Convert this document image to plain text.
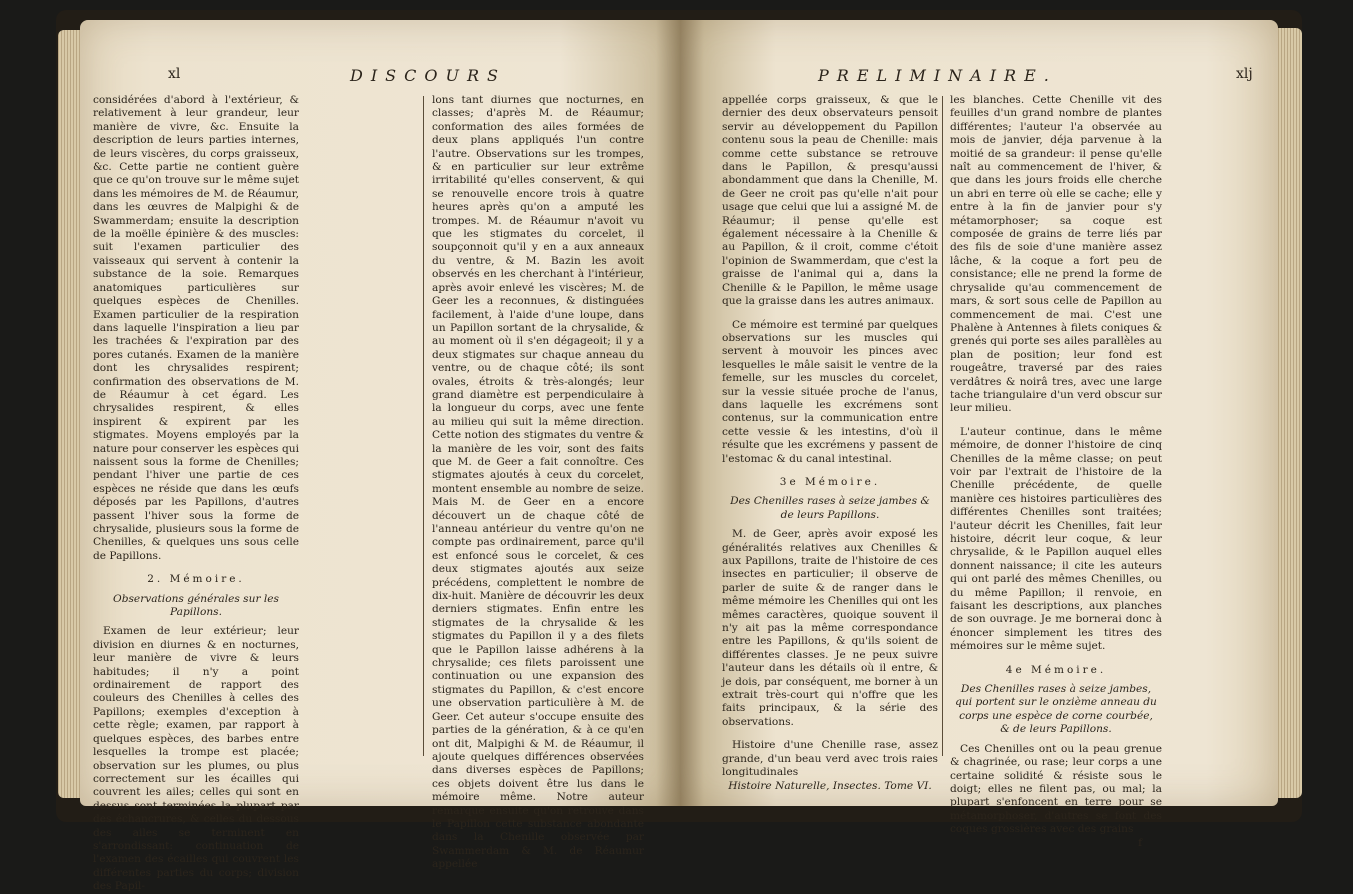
xl	DISCOURS

considérées d'abord à l'extérieur, & relativement à leur grandeur, leur manière de vivre, &c. Ensuite la description de leurs parties internes, de leurs viscères, du corps graisseux, &c. Cette partie ne contient guère que ce qu'on trouve sur le même sujet dans les mémoires de M. de Réaumur, dans les œuvres de Malpighi & de Swammerdam; ensuite la description de la moëlle épinière & des muscles: suit l'examen particulier des vaisseaux qui servent à contenir la substance de la soie. Remarques anatomiques particulières sur quelques espèces de Chenilles. Examen particulier de la respiration dans laquelle l'inspiration a lieu par les trachées & l'expiration par des pores cutanés. Examen de la manière dont les chrysalides respirent; confirmation des observations de M. de Réaumur à cet égard. Les chrysalides respirent, & elles inspirent & expirent par les stigmates. Moyens employés par la nature pour conserver les espèces qui naissent sous la forme de Chenilles; pendant l'hiver une partie de ces espèces ne réside que dans les œufs déposés par les Papillons, d'autres passent l'hiver sous la forme de chrysalide, plusieurs sous la forme de Chenilles, & quelques uns sous celle de Papillons.

2. Mémoire.
Observations générales sur les Papillons.

Examen de leur extérieur; leur division en diurnes & en nocturnes, leur manière de vivre & leurs habitudes; il n'y a point ordinairement de rapport des couleurs des Chenilles à celles des Papillons; exemples d'exception à cette règle; examen, par rapport à quelques espèces, des barbes entre lesquelles la trompe est placée; observation sur les plumes, ou plus correctement sur les écailles qui couvrent les ailes; celles qui sont en dessus sont terminées la plupart par des échancrures, & celles du dessous des ailes se terminent en s'arrondissant: continuation de l'examen des écailles qui couvrent les différentes parties du corps; division des Papil-

lons tant diurnes que nocturnes, en classes; d'après M. de Réaumur; conformation des ailes formées de deux plans appliqués l'un contre l'autre. Observations sur les trompes, & en particulier sur leur extrême irritabilité qu'elles conservent, & qui se renouvelle encore trois à quatre heures après qu'on a amputé les trompes. M. de Réaumur n'avoit vu que les stigmates du corcelet, il soupçonnoit qu'il y en a aux anneaux du ventre, & M. Bazin les avoit observés en les cherchant à l'intérieur, après avoir enlevé les viscères; M. de Geer les a reconnues, & distinguées facilement, à l'aide d'une loupe, dans un Papillon sortant de la chrysalide, & au moment où il s'en dégageoit; il y a deux stigmates sur chaque anneau du ventre, ou de chaque côté; ils sont ovales, étroits & très-alongés; leur grand diamètre est perpendiculaire à la longueur du corps, avec une fente au milieu qui suit la même direction. Cette notion des stigmates du ventre & la manière de les voir, sont des faits que M. de Geer a fait connoître. Ces stigmates ajoutés à ceux du corcelet, montent ensemble au nombre de seize. Mais M. de Geer en a encore découvert un de chaque côté de l'anneau antérieur du ventre qu'on ne compte pas ordinairement, parce qu'il est enfoncé sous le corcelet, & ces deux stigmates ajoutés aux seize précédens, complettent le nombre de dix-huit. Manière de découvrir les deux derniers stigmates. Enfin entre les stigmates de la chrysalide & les stigmates du Papillon il y a des filets que le Papillon laisse adhérens à la chrysalide; ces filets paroissent une continuation ou une expansion des stigmates du Papillon, & c'est encore une observation particulière à M. de Geer. Cet auteur s'occupe ensuite des parties de la génération, & à ce qu'en ont dit, Malpighi & M. de Réaumur, il ajoute quelques différences observées dans diverses espèces de Papillons; ces objets doivent être lus dans le mémoire même. Notre auteur remarque ensuite qu'on retrouve dans le Papillon cette substance abondante dans la Chenille observée par Swammerdam & M. de Réaumur appellée

PRELIMINAIRE.	xlj

appellée corps graisseux, & que le dernier des deux observateurs pensoit servir au développement du Papillon contenu sous la peau de Chenille: mais comme cette substance se retrouve dans le Papillon, & presqu'aussi abondamment que dans la Chenille, M. de Geer ne croit pas qu'elle n'ait pour usage que celui que lui a assigné M. de Réaumur; il pense qu'elle est également nécessaire à la Chenille & au Papillon, & il croit, comme c'étoit l'opinion de Swammerdam, que c'est la graisse de l'animal qui a, dans la Chenille & le Papillon, le même usage que la graisse dans les autres animaux.

Ce mémoire est terminé par quelques observations sur les muscles qui servent à mouvoir les pinces avec lesquelles le mâle saisit le ventre de la femelle, sur les muscles du corcelet, sur la vessie située proche de l'anus, dans laquelle les excrémens sont contenus, sur la communication entre cette vessie & les intestins, d'où il résulte que les excrémens y passent de l'estomac & du canal intestinal.

3e Mémoire.
Des Chenilles rases à seize jambes & de leurs Papillons.

M. de Geer, après avoir exposé les généralités relatives aux Chenilles & aux Papillons, traite de l'histoire de ces insectes en particulier; il observe de parler de suite & de ranger dans le même mémoire les Chenilles qui ont les mêmes caractères, quoique souvent il n'y ait pas la même correspondance entre les Papillons, & qu'ils soient de différentes classes. Je ne peux suivre l'auteur dans les détails où il entre, & je dois, par conséquent, me borner à un extrait très-court qui n'offre que les faits principaux, & la série des observations.

Histoire d'une Chenille rase, assez grande, d'un beau verd avec trois raies longitudinales

Histoire Naturelle, Insectes. Tome VI.

les blanches. Cette Chenille vit des feuilles d'un grand nombre de plantes différentes; l'auteur l'a observée au mois de janvier, déja parvenue à la moitié de sa grandeur: il pense qu'elle naît au commencement de l'hiver, & que dans les jours froids elle cherche un abri en terre où elle se cache; elle y entre à la fin de janvier pour s'y métamorphoser; sa coque est composée de grains de terre liés par des fils de soie d'une manière assez lâche, & la coque a fort peu de consistance; elle ne prend la forme de chrysalide qu'au commencement de mars, & sort sous celle de Papillon au commencement de mai. C'est une Phalène à Antennes à filets coniques & grenés qui porte ses ailes parallèles au plan de position; leur fond est rougeâtre, traversé par des raies verdâtres & noirâ tres, avec une large tache triangulaire d'un verd obscur sur leur milieu.

L'auteur continue, dans le même mémoire, de donner l'histoire de cinq Chenilles de la même classe; on peut voir par l'extrait de l'histoire de la Chenille précédente, de quelle manière ces histoires particulières des différentes Chenilles sont traitées; l'auteur décrit les Chenilles, fait leur histoire, décrit leur coque, & leur chrysalide, & le Papillon auquel elles donnent naissance; il cite les auteurs qui ont parlé des mêmes Chenilles, ou du même Papillon; il renvoie, en faisant les descriptions, aux planches de son ouvrage. Je me bornerai donc à énoncer simplement les titres des mémoires sur le même sujet.

4e Mémoire.
Des Chenilles rases à seize jambes, qui portent sur le onzième anneau du corps une espèce de corne courbée, & de leurs Papillons.

Ces Chenilles ont ou la peau grenue & chagrinée, ou rase; leur corps a une certaine solidité & résiste sous le doigt; elles ne filent pas, ou mal; la plupart s'enfoncent en terre pour se métamorphoser, d'autres se font des coques grossières avec des grains

f
